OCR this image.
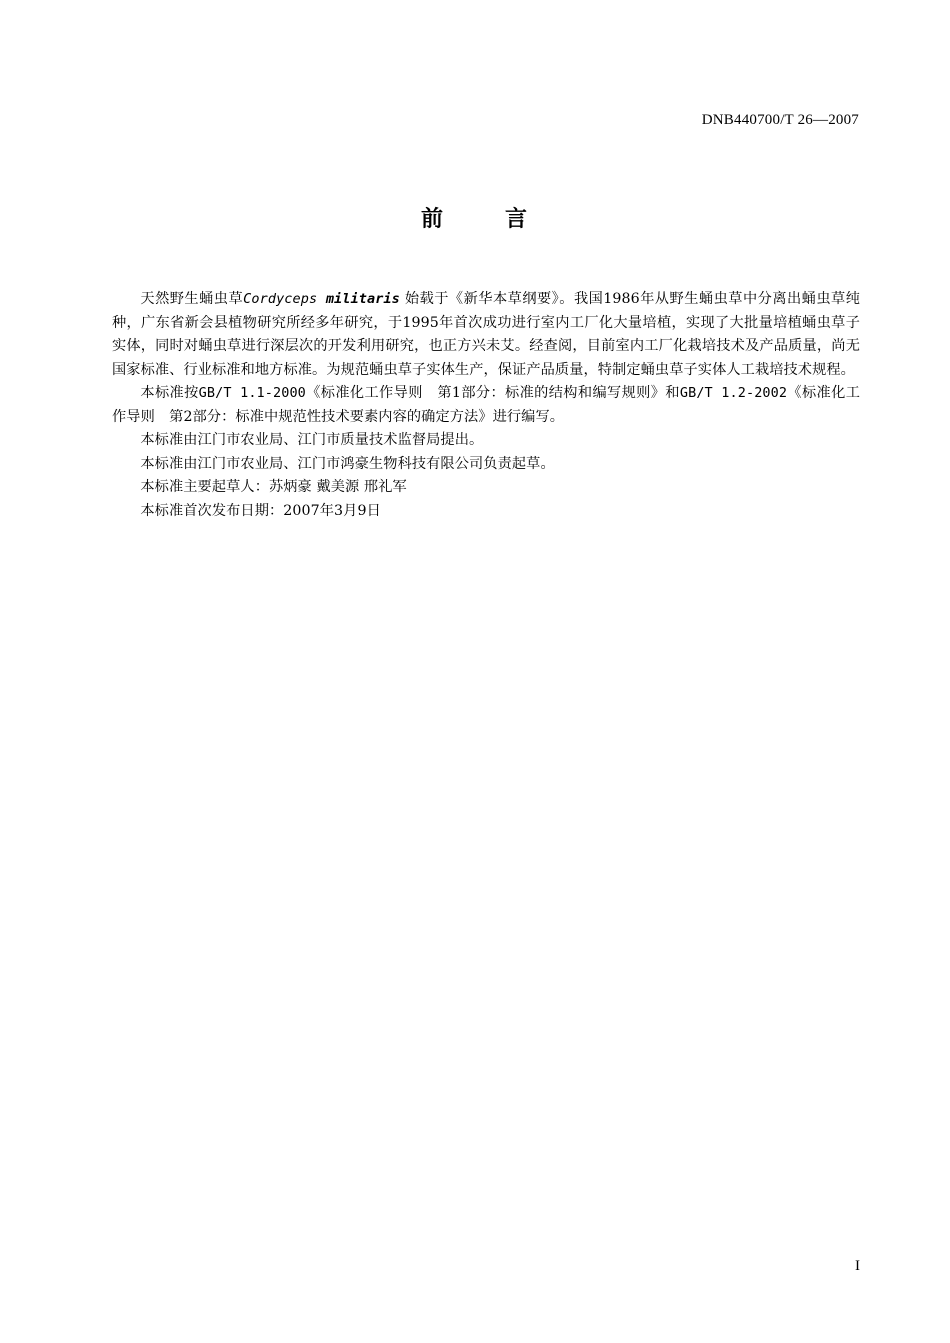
DNB440700/T 26—2007
前	言

天然野生蛹虫草Cordyceps militaris 始载于《新华本草纲要》。我国1986年从野生蛹虫草中分离出蛹虫草纯种，广东省新会县植物研究所经多年研究，于1995年首次成功进行室内工厂化大量培植，实现了大批量培植蛹虫草子实体，同时对蛹虫草进行深层次的开发利用研究，也正方兴未艾。经查阅，目前室内工厂化栽培技术及产品质量，尚无国家标准、行业标准和地方标准。为规范蛹虫草子实体生产，保证产品质量，特制定蛹虫草子实体人工栽培技术规程。

本标准按GB/T 1.1-2000《标准化工作导则　第1部分：标准的结构和编写规则》和GB/T 1.2-2002《标准化工作导则　第2部分：标准中规范性技术要素内容的确定方法》进行编写。

本标准由江门市农业局、江门市质量技术监督局提出。

本标准由江门市农业局、江门市鸿豪生物科技有限公司负责起草。

本标准主要起草人：苏炳豪 戴美源 邢礼军

本标准首次发布日期：2007年3月9日

I
